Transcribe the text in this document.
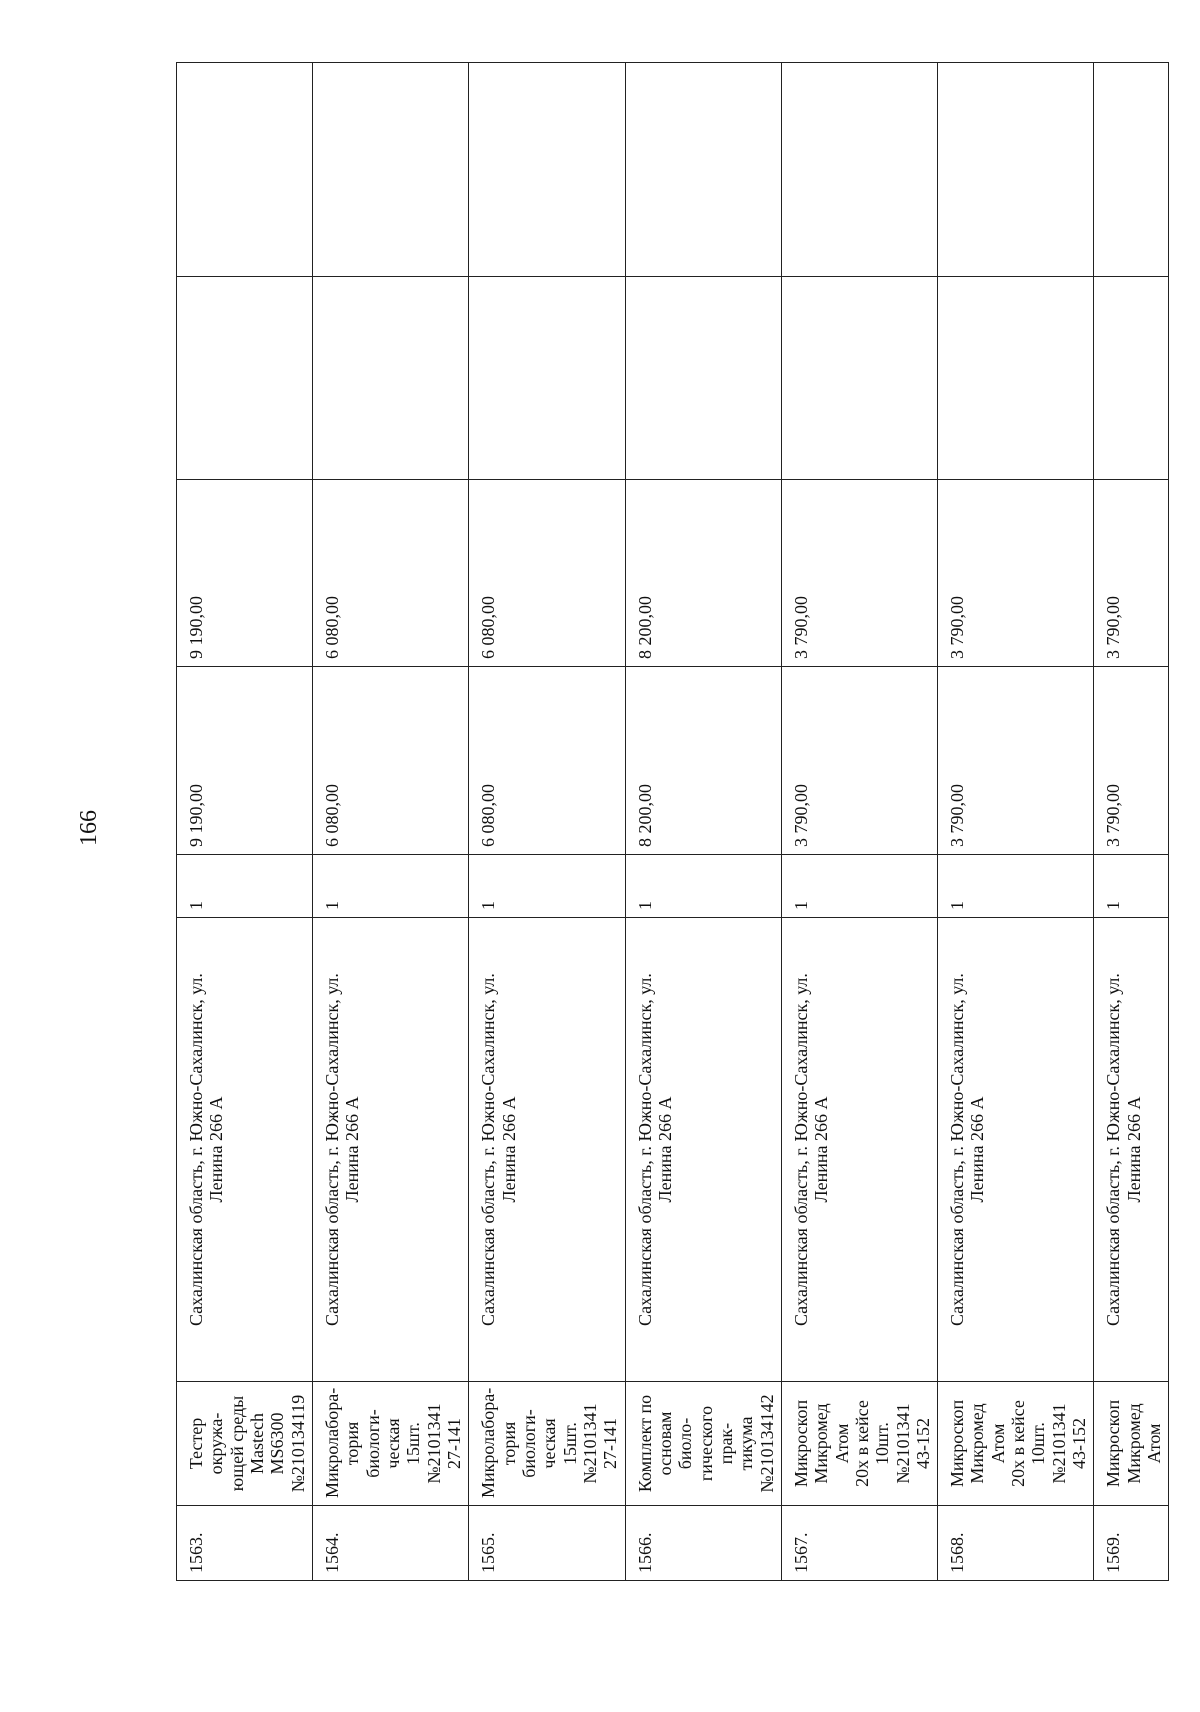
166
1563.	Тестер окружа-
ющей среды
Mastech MS6300
№210134119	Сахалинская область, г. Южно-Сахалинск, ул.
Ленина 266 А	1	9 190,00	9 190,00		
1564.	Микролабора-
тория биологи-
ческая
15шт.№2101341
27-141	Сахалинская область, г. Южно-Сахалинск, ул.
Ленина 266 А	1	6 080,00	6 080,00		
1565.	Микролабора-
тория биологи-
ческая
15шт.№2101341
27-141	Сахалинская область, г. Южно-Сахалинск, ул.
Ленина 266 А	1	6 080,00	6 080,00		
1566.	Комплект по
основам биоло-
гического прак-
тикума
№210134142	Сахалинская область, г. Южно-Сахалинск, ул.
Ленина 266 А	1	8 200,00	8 200,00		
1567.	Микроскоп
Микромед Атом
20х в кейсе
10шт.№2101341
43-152	Сахалинская область, г. Южно-Сахалинск, ул.
Ленина 266 А	1	3 790,00	3 790,00		
1568.	Микроскоп
Микромед Атом
20х в кейсе
10шт.№2101341
43-152	Сахалинская область, г. Южно-Сахалинск, ул.
Ленина 266 А	1	3 790,00	3 790,00		
1569.	Микроскоп
Микромед Атом	Сахалинская область, г. Южно-Сахалинск, ул.
Ленина 266 А	1	3 790,00	3 790,00		
